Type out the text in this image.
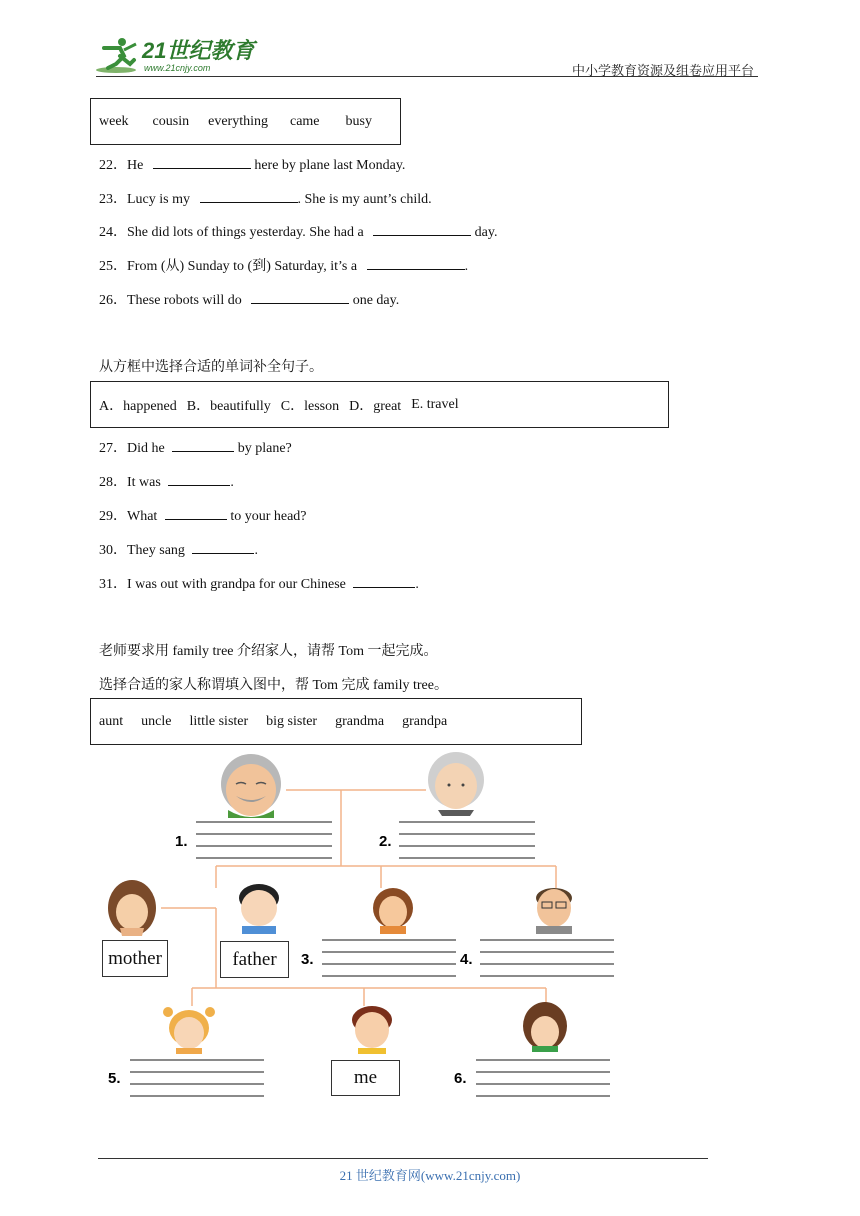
21世纪教育
www.21cnjy.com	中小学教育资源及组卷应用平台
week cousin everything came busy
22．He	here by plane last Monday.
23．Lucy is my	. She is my aunt’s child.
24．She did lots of things yesterday. She had a	day.
25．From (从) Sunday to (到) Saturday, it’s a	.
26．These robots will do	one day.
从方框中选择合适的单词补全句子。
A．happened B．beautifully C．lesson D．great E. travel
27．Did he	by plane?
28．It was	.
29．What	to your head?
30．They sang	.
31．I was out with grandpa for our Chinese	.
老师要求用 family tree 介绍家人，请帮 Tom 一起完成。
选择合适的家人称谓填入图中，帮 Tom 完成 family tree。
aunt uncle little sister big sister grandma grandpa
1.	2.
mother	father	3.	4.
5.	me	6.
21 世纪教育网(www.21cnjy.com)
